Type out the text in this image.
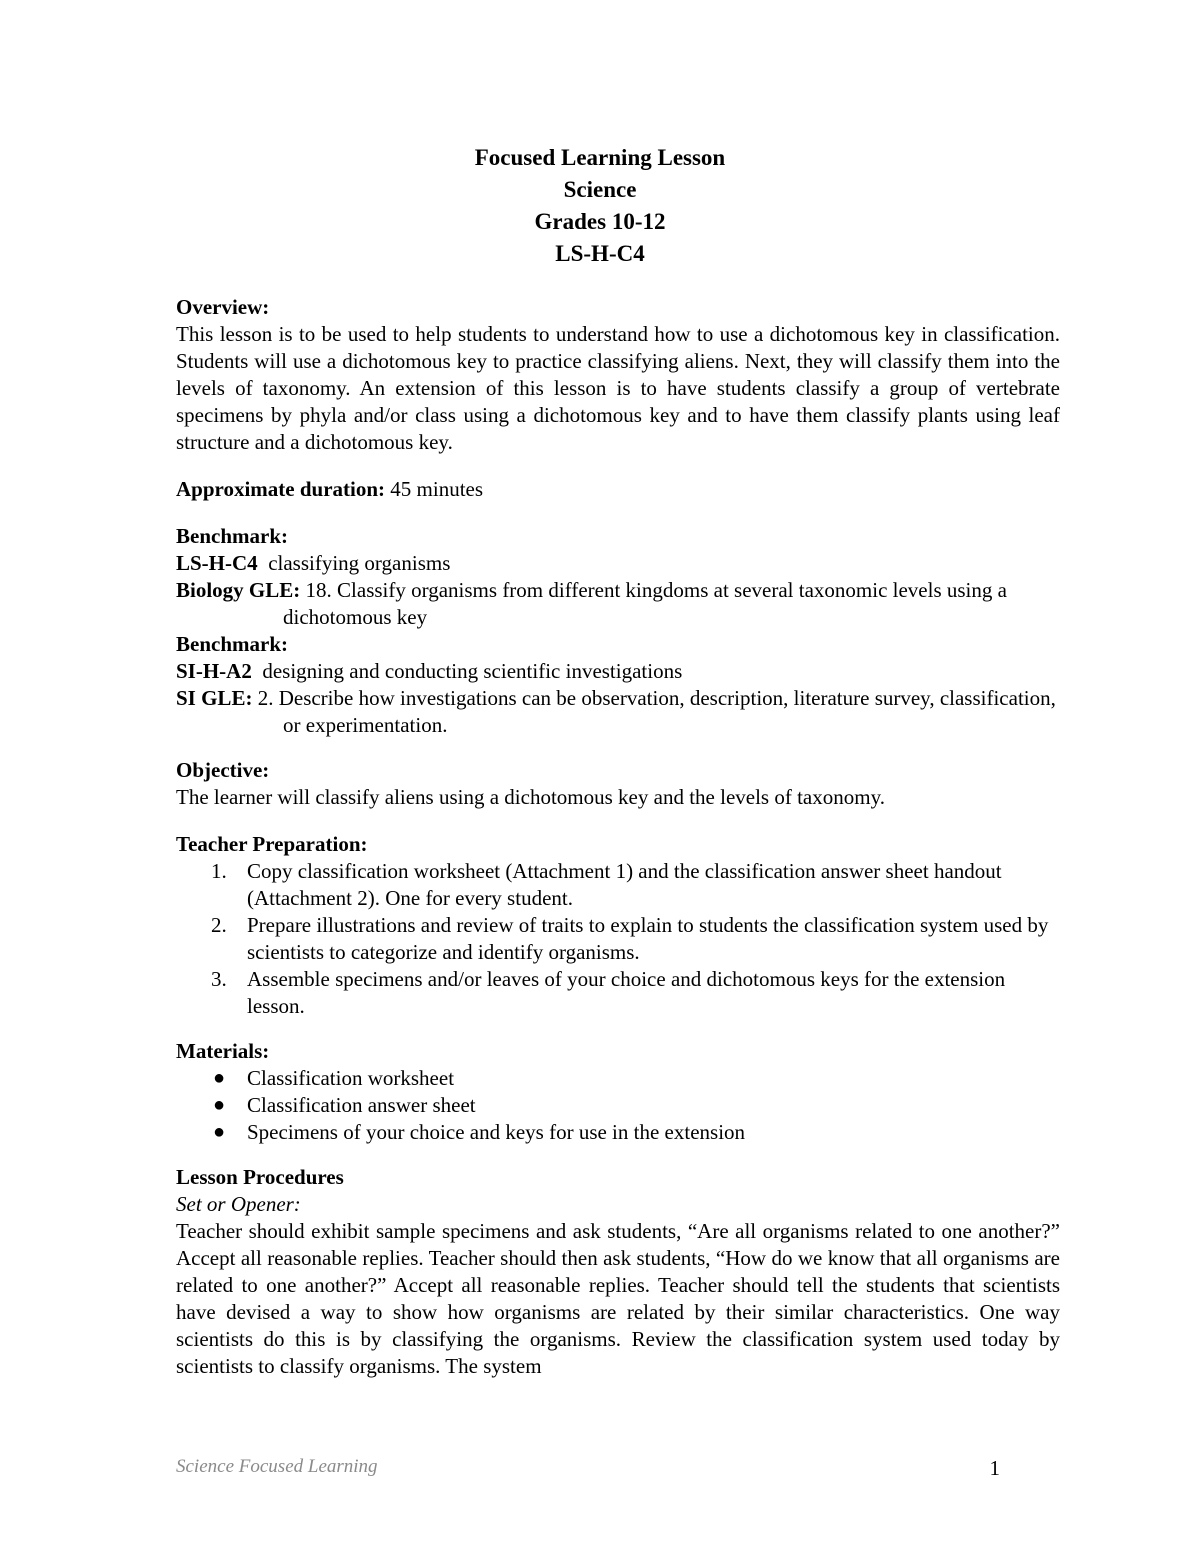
Focused Learning Lesson
Science
Grades 10-12
LS-H-C4

Overview:

This lesson is to be used to help students to understand how to use a dichotomous key in classification. Students will use a dichotomous key to practice classifying aliens. Next, they will classify them into the levels of taxonomy. An extension of this lesson is to have students classify a group of vertebrate specimens by phyla and/or class using a dichotomous key and to have them classify plants using leaf structure and a dichotomous key.

Approximate duration: 45 minutes

Benchmark:

LS-H-C4  classifying organisms

Biology GLE: 18. Classify organisms from different kingdoms at several taxonomic levels using a dichotomous key

Benchmark:

SI-H-A2  designing and conducting scientific investigations

SI GLE: 2. Describe how investigations can be observation, description, literature survey, classification, or experimentation.

Objective:

The learner will classify aliens using a dichotomous key and the levels of taxonomy.

Teacher Preparation:

1. Copy classification worksheet (Attachment 1) and the classification answer sheet handout (Attachment 2). One for every student.
2. Prepare illustrations and review of traits to explain to students the classification system used by scientists to categorize and identify organisms.
3. Assemble specimens and/or leaves of your choice and dichotomous keys for the extension lesson.

Materials:

● Classification worksheet
● Classification answer sheet
● Specimens of your choice and keys for use in the extension

Lesson Procedures

Set or Opener:

Teacher should exhibit sample specimens and ask students, “Are all organisms related to one another?” Accept all reasonable replies. Teacher should then ask students, “How do we know that all organisms are related to one another?” Accept all reasonable replies. Teacher should tell the students that scientists have devised a way to show how organisms are related by their similar characteristics. One way scientists do this is by classifying the organisms. Review the classification system used today by scientists to classify organisms. The system

Science Focused Learning	1
